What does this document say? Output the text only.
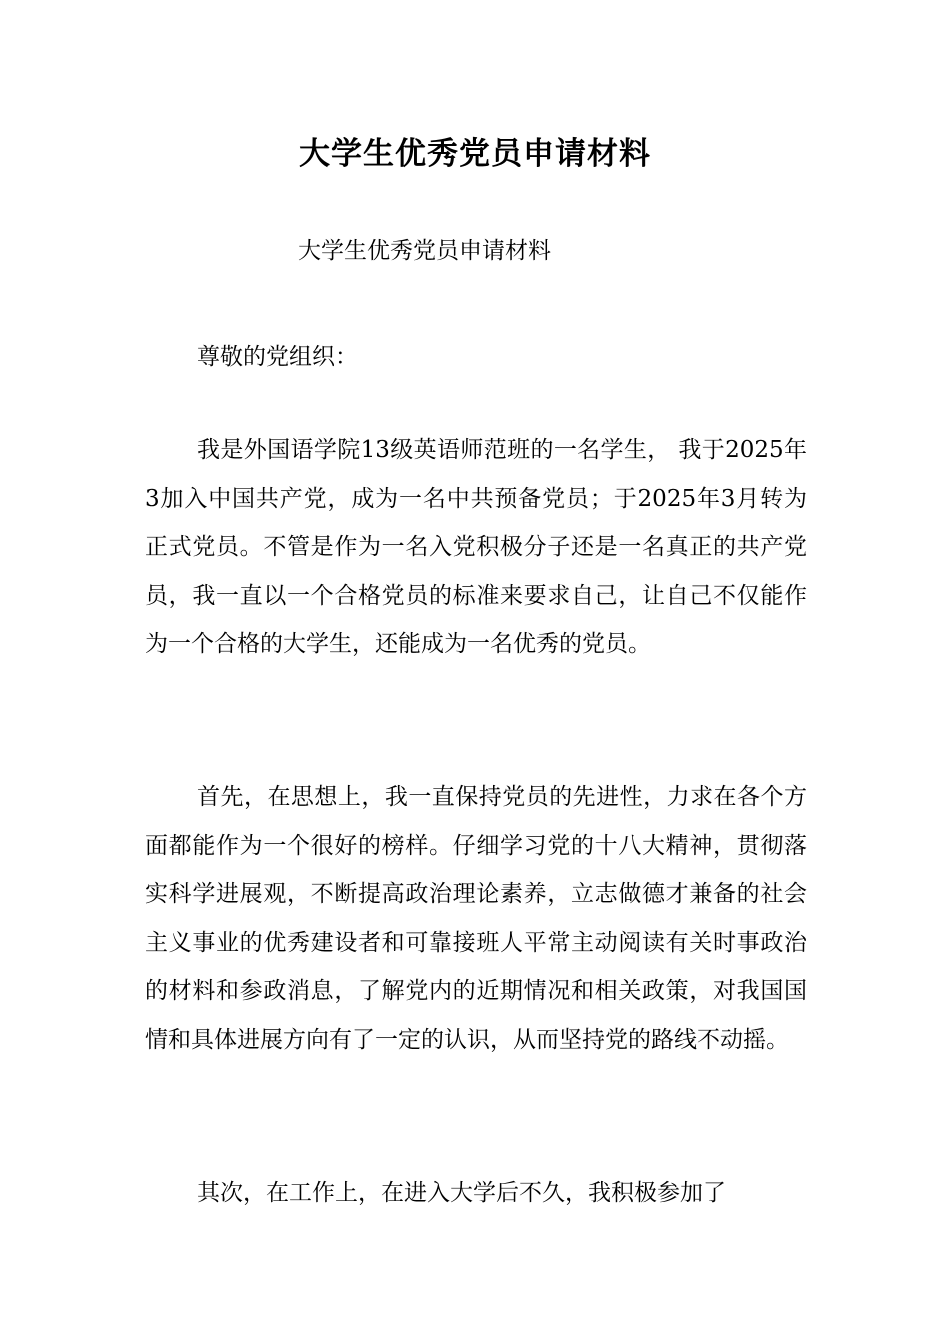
大学生优秀党员申请材料

大学生优秀党员申请材料

尊敬的党组织：

我是外国语学院13级英语师范班的一名学生， 我于2025年3加入中国共产党，成为一名中共预备党员；于2025年3月转为正式党员。不管是作为一名入党积极分子还是一名真正的共产党员，我一直以一个合格党员的标准来要求自己，让自己不仅能作为一个合格的大学生，还能成为一名优秀的党员。

首先，在思想上，我一直保持党员的先进性，力求在各个方面都能作为一个很好的榜样。仔细学习党的十八大精神，贯彻落实科学进展观，不断提高政治理论素养，立志做德才兼备的社会主义事业的优秀建设者和可靠接班人平常主动阅读有关时事政治的材料和参政消息，了解党内的近期情况和相关政策，对我国国情和具体进展方向有了一定的认识，从而坚持党的路线不动摇。

其次，在工作上，在进入大学后不久，我积极参加了
